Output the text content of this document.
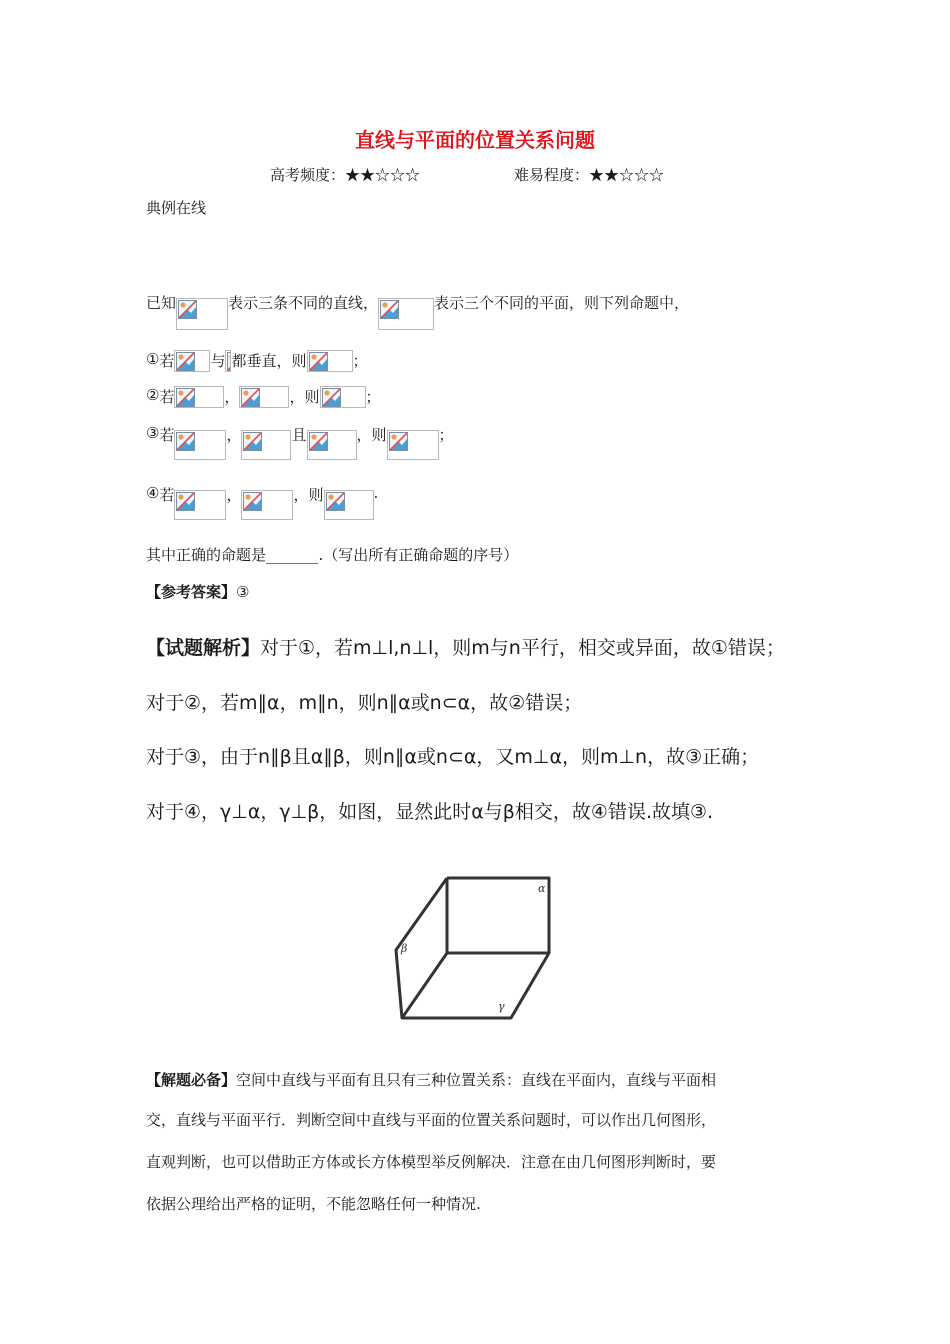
直线与平面的位置关系问题
高考频度：★★☆☆☆	难易程度：★★☆☆☆
典例在线
已知	表示三条不同的直线，	表示三个不同的平面，则下列命题中，
① 若 与 都垂直，则	；
② 若	，	，则	；
③ 若	，	且	，则	；
④ 若	，	，则	.
其中正确的命题是_______.（写出所有正确命题的序号）
【参考答案】③
【试题解析】对于①，若m⊥l,n⊥l，则m与n平行，相交或异面，故①错误；
对于②，若m∥α，m∥n，则n∥α或n⊂α，故②错误；
对于③，由于n∥β且α∥β，则n∥α或n⊂α，又m⊥α，则m⊥n，故③正确；
对于④，γ⊥α，γ⊥β，如图，显然此时α与β相交，故④错误.故填③.
α
β
γ
【解题必备】空间中直线与平面有且只有三种位置关系：直线在平面内，直线与平面相
交，直线与平面平行．判断空间中直线与平面的位置关系问题时，可以作出几何图形，
直观判断，也可以借助正方体或长方体模型举反例解决．注意在由几何图形判断时，要
依据公理给出严格的证明，不能忽略任何一种情况.
